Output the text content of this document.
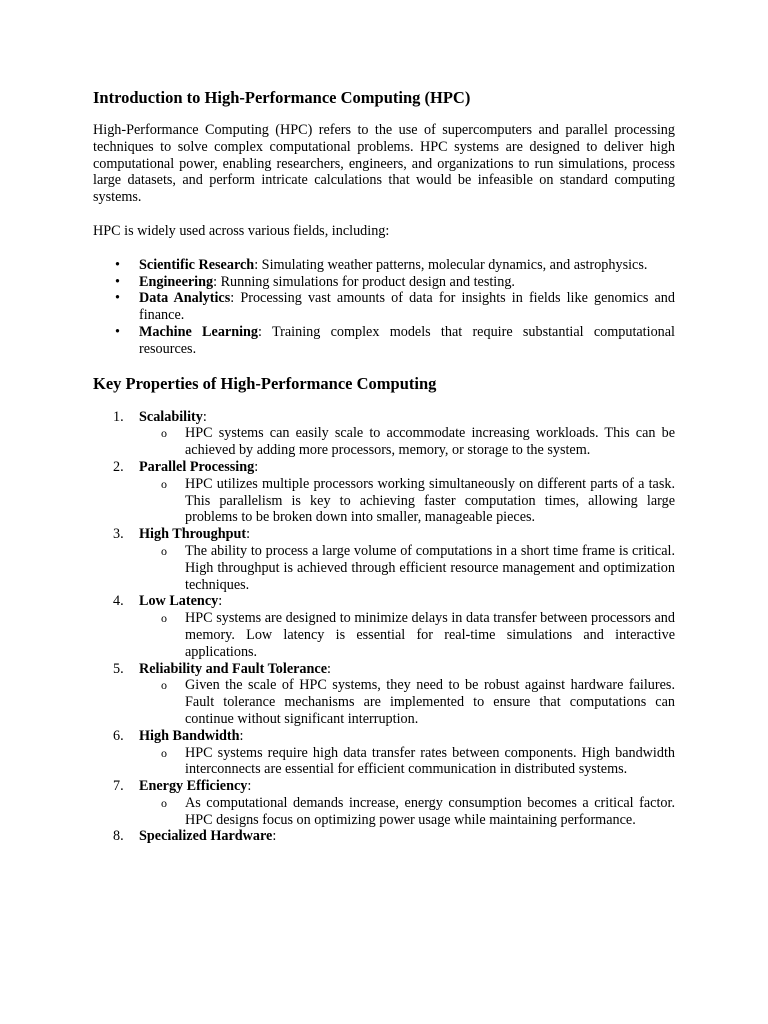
Introduction to High-Performance Computing (HPC)

High-Performance Computing (HPC) refers to the use of supercomputers and parallel processing techniques to solve complex computational problems. HPC systems are designed to deliver high computational power, enabling researchers, engineers, and organizations to run simulations, process large datasets, and perform intricate calculations that would be infeasible on standard computing systems.

HPC is widely used across various fields, including:

• Scientific Research: Simulating weather patterns, molecular dynamics, and astrophysics.
• Engineering: Running simulations for product design and testing.
• Data Analytics: Processing vast amounts of data for insights in fields like genomics and finance.
• Machine Learning: Training complex models that require substantial computational resources.
Key Properties of High-Performance Computing
1. Scalability:
o HPC systems can easily scale to accommodate increasing workloads. This can be achieved by adding more processors, memory, or storage to the system.
2. Parallel Processing:
o HPC utilizes multiple processors working simultaneously on different parts of a task. This parallelism is key to achieving faster computation times, allowing large problems to be broken down into smaller, manageable pieces.
3. High Throughput:
o The ability to process a large volume of computations in a short time frame is critical. High throughput is achieved through efficient resource management and optimization techniques.
4. Low Latency:
o HPC systems are designed to minimize delays in data transfer between processors and memory. Low latency is essential for real-time simulations and interactive applications.
5. Reliability and Fault Tolerance:
o Given the scale of HPC systems, they need to be robust against hardware failures. Fault tolerance mechanisms are implemented to ensure that computations can continue without significant interruption.
6. High Bandwidth:
o HPC systems require high data transfer rates between components. High bandwidth interconnects are essential for efficient communication in distributed systems.
7. Energy Efficiency:
o As computational demands increase, energy consumption becomes a critical factor. HPC designs focus on optimizing power usage while maintaining performance.
8. Specialized Hardware:
